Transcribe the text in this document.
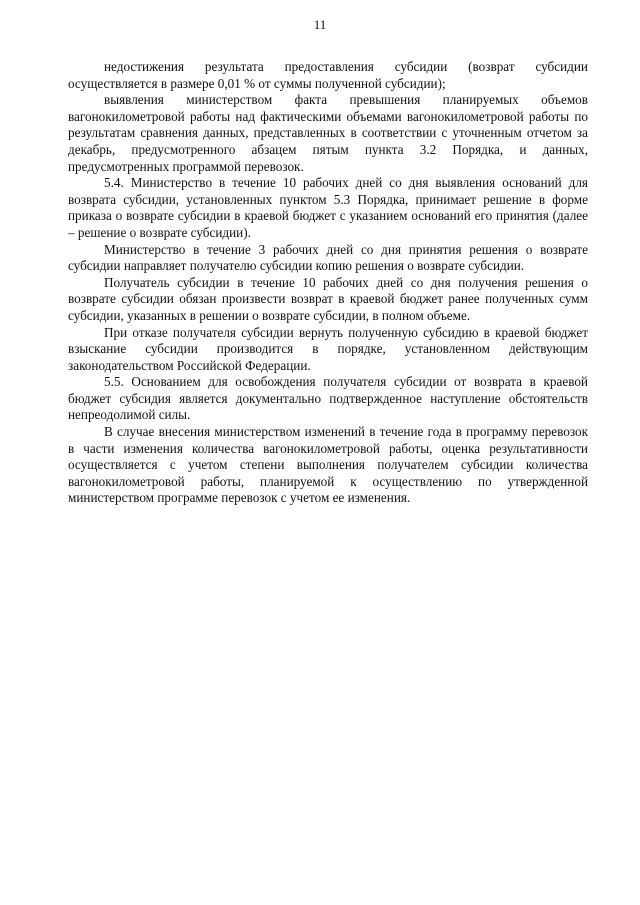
11

недостижения результата предоставления субсидии (возврат субсидии осуществляется в размере 0,01 % от суммы полученной субсидии);

выявления министерством факта превышения планируемых объемов вагонокилометровой работы над фактическими объемами вагонокилометровой работы по результатам сравнения данных, представленных в соответствии с уточненным отчетом за декабрь, предусмотренного абзацем пятым пункта 3.2 Порядка, и данных, предусмотренных программой перевозок.

5.4. Министерство в течение 10 рабочих дней со дня выявления оснований для возврата субсидии, установленных пунктом 5.3 Порядка, принимает решение в форме приказа о возврате субсидии в краевой бюджет с указанием оснований его принятия (далее – решение о возврате субсидии).

Министерство в течение 3 рабочих дней со дня принятия решения о возврате субсидии направляет получателю субсидии копию решения о возврате субсидии.

Получатель субсидии в течение 10 рабочих дней со дня получения решения о возврате субсидии обязан произвести возврат в краевой бюджет ранее полученных сумм субсидии, указанных в решении о возврате субсидии, в полном объеме.

При отказе получателя субсидии вернуть полученную субсидию в краевой бюджет взыскание субсидии производится в порядке, установленном действующим законодательством Российской Федерации.

5.5. Основанием для освобождения получателя субсидии от возврата в краевой бюджет субсидия является документально подтвержденное наступление обстоятельств непреодолимой силы.

В случае внесения министерством изменений в течение года в программу перевозок в части изменения количества вагонокилометровой работы, оценка результативности осуществляется с учетом степени выполнения получателем субсидии количества вагонокилометровой работы, планируемой к осуществлению по утвержденной министерством программе перевозок с учетом ее изменения.
